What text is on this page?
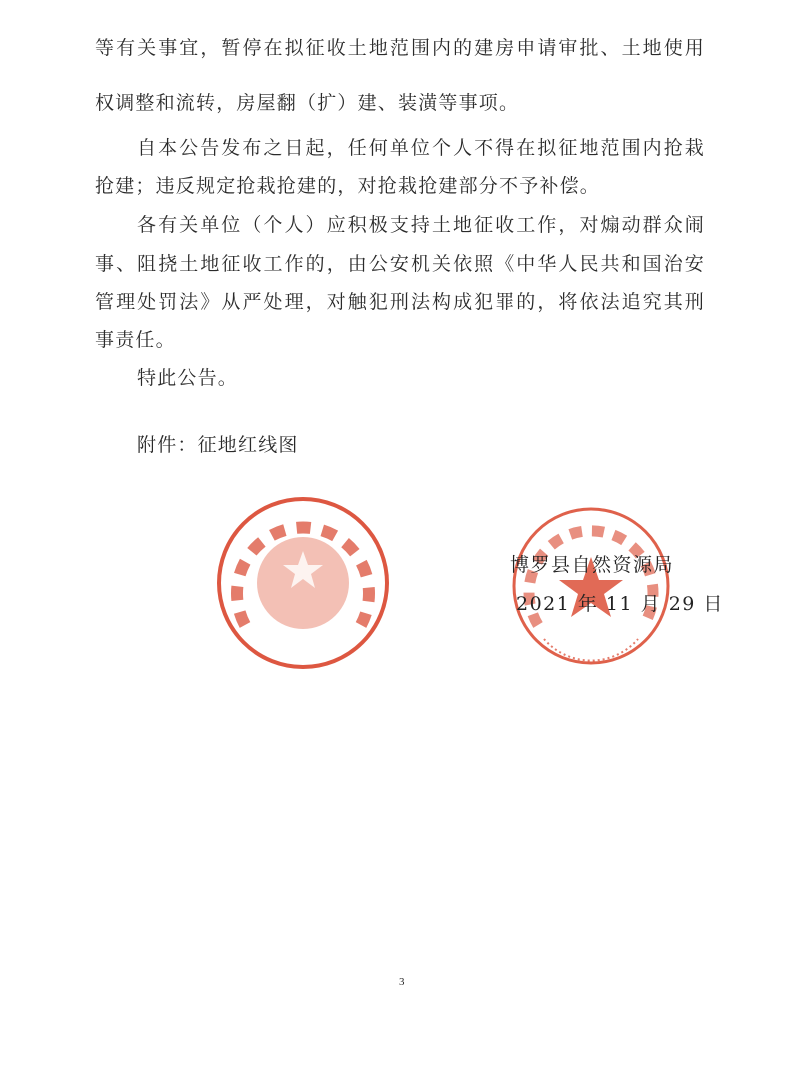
等有关事宜，暂停在拟征收土地范围内的建房申请审批、土地使用
权调整和流转，房屋翻（扩）建、装潢等事项。
自本公告发布之日起，任何单位个人不得在拟征地范围内抢栽
抢建；违反规定抢栽抢建的，对抢栽抢建部分不予补偿。
各有关单位（个人）应积极支持土地征收工作，对煽动群众闹
事、阻挠土地征收工作的，由公安机关依照《中华人民共和国治安
管理处罚法》从严处理，对触犯刑法构成犯罪的，将依法追究其刑
事责任。
特此公告。
附件：征地红线图
博罗县自然资源局
2021 年 11 月 29 日
3
